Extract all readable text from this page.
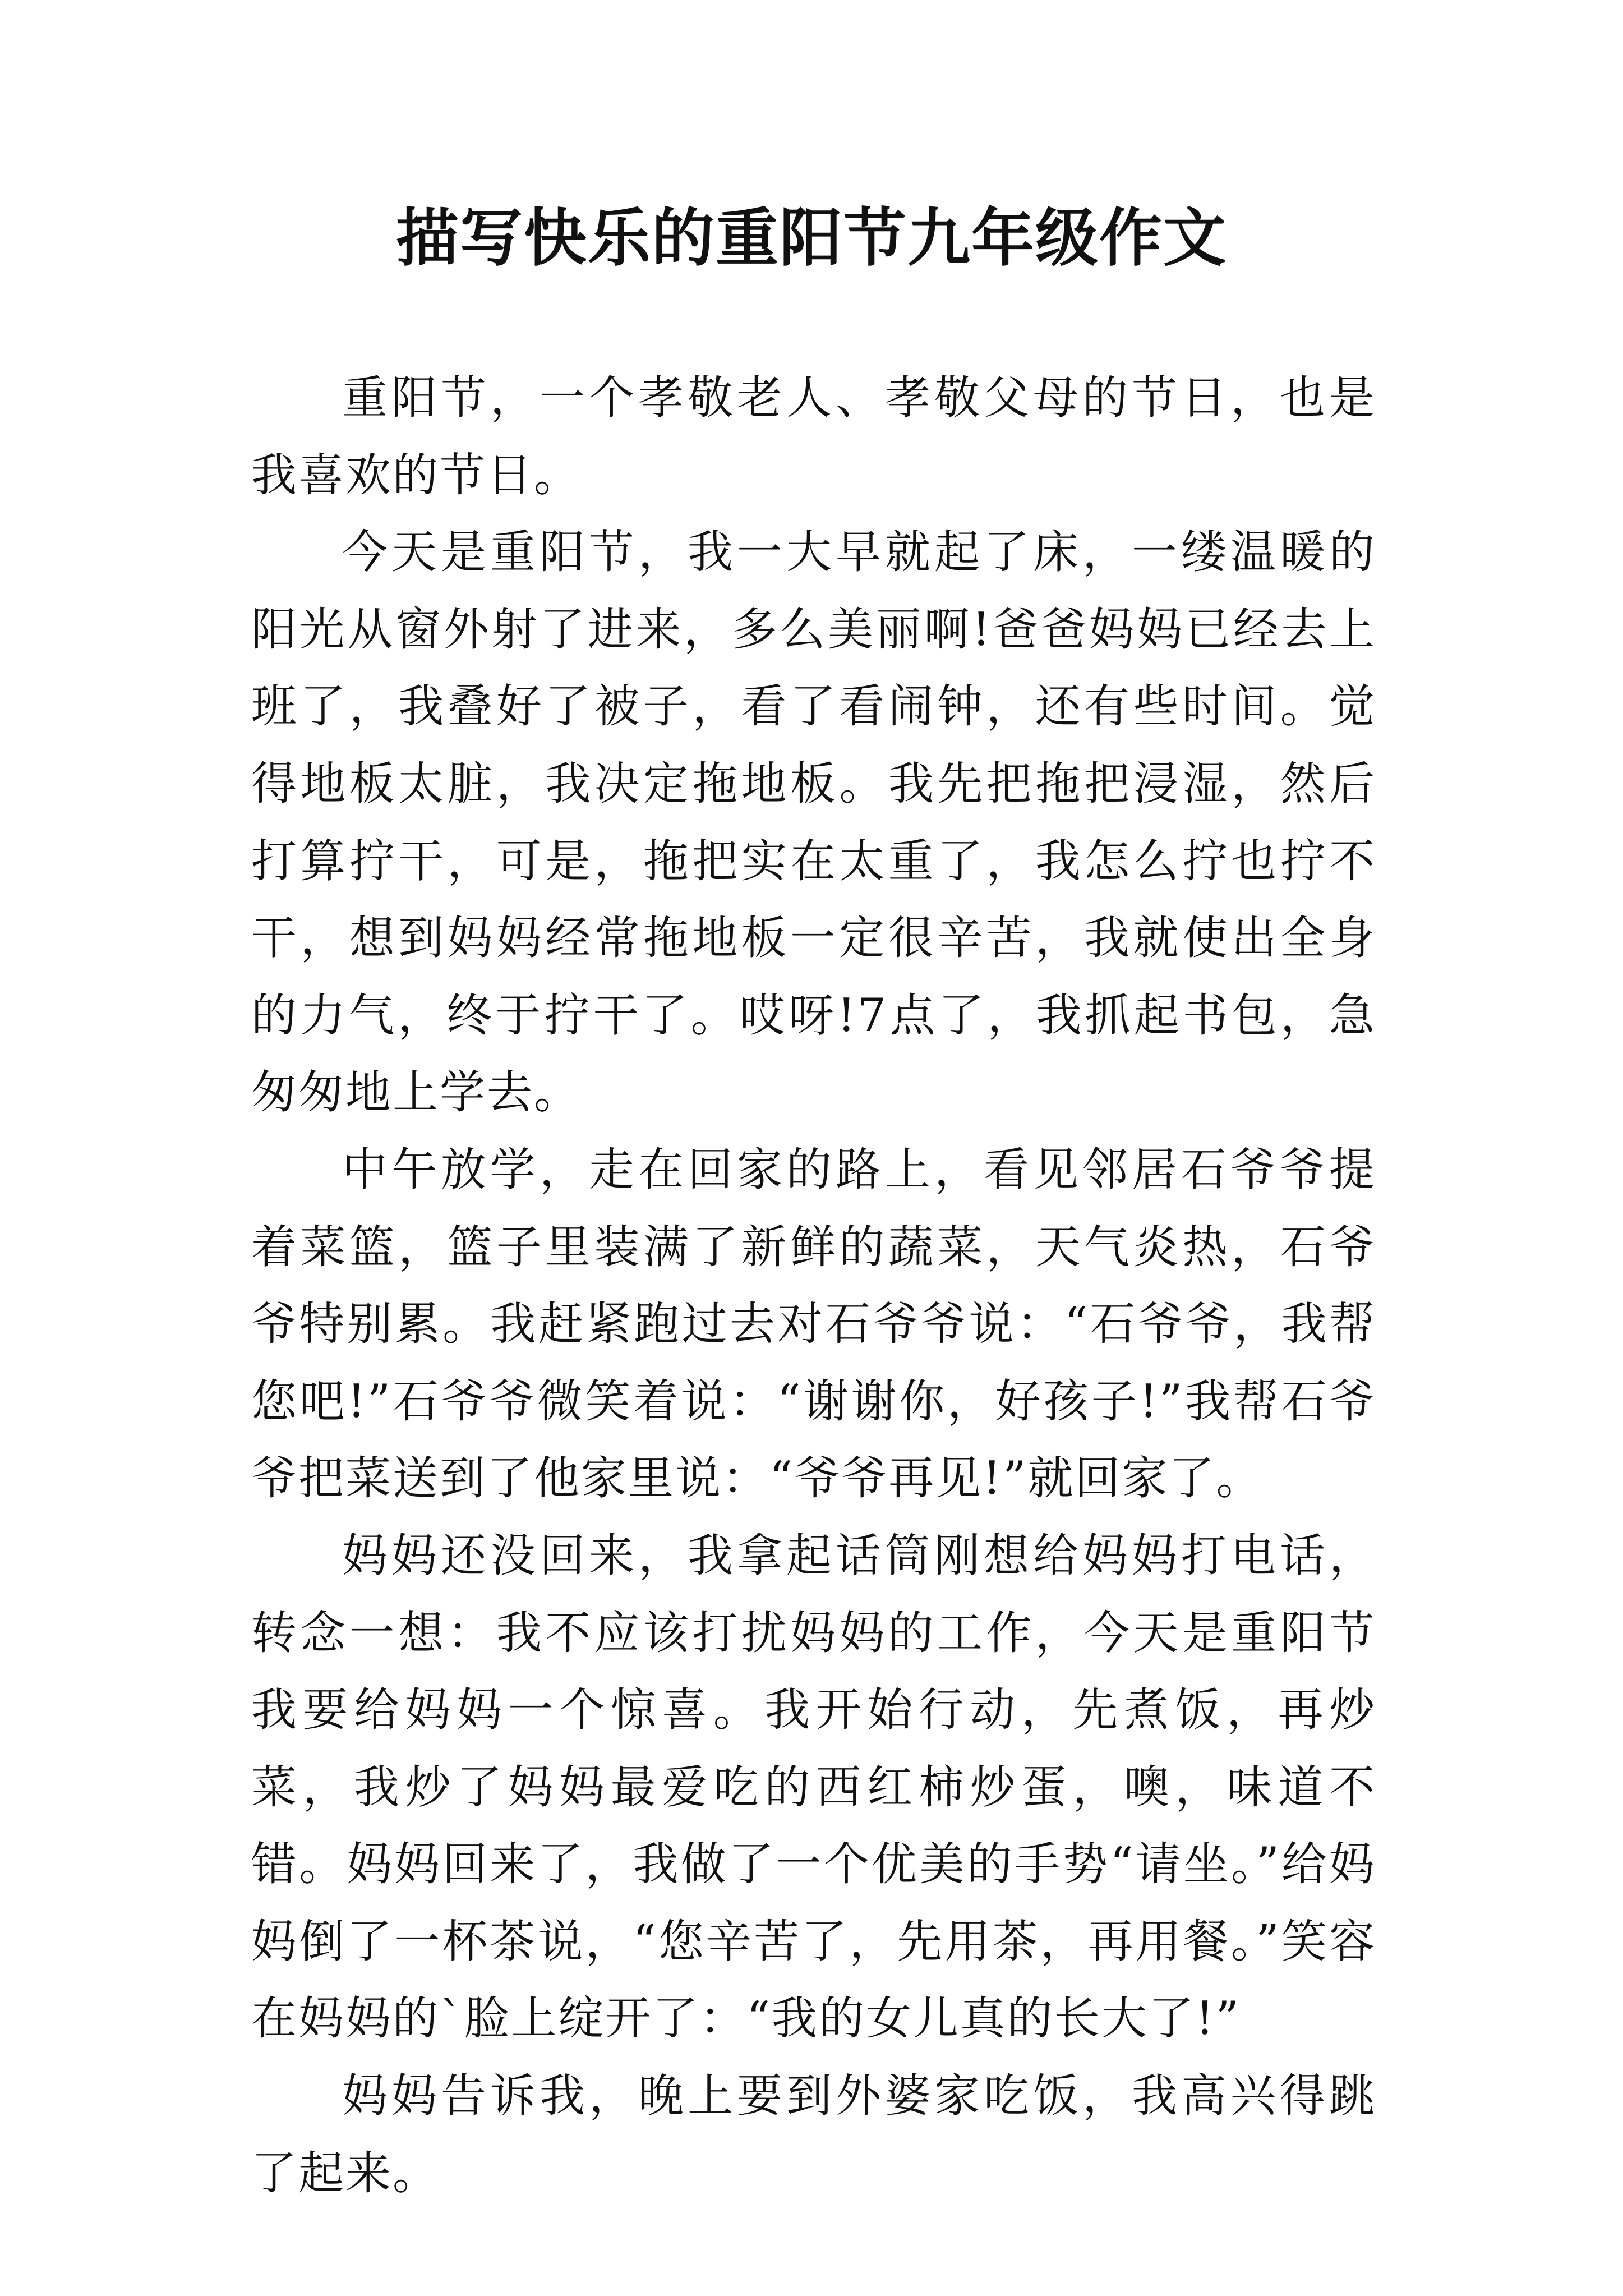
描写快乐的重阳节九年级作文

重阳节，一个孝敬老人、孝敬父母的节日，也是我喜欢的节日。

今天是重阳节，我一大早就起了床，一缕温暖的阳光从窗外射了进来，多么美丽啊!爸爸妈妈已经去上班了，我叠好了被子，看了看闹钟，还有些时间。觉得地板太脏，我决定拖地板。我先把拖把浸湿，然后打算拧干，可是，拖把实在太重了，我怎么拧也拧不干，想到妈妈经常拖地板一定很辛苦，我就使出全身的力气，终于拧干了。哎呀!7点了，我抓起书包，急匆匆地上学去。

中午放学，走在回家的路上，看见邻居石爷爷提着菜篮，篮子里装满了新鲜的蔬菜，天气炎热，石爷爷特别累。我赶紧跑过去对石爷爷说：“石爷爷，我帮您吧!”石爷爷微笑着说：“谢谢你，好孩子!”我帮石爷爷把菜送到了他家里说：“爷爷再见!”就回家了。

妈妈还没回来，我拿起话筒刚想给妈妈打电话，转念一想：我不应该打扰妈妈的工作，今天是重阳节我要给妈妈一个惊喜。我开始行动，先煮饭，再炒菜，我炒了妈妈最爱吃的西红柿炒蛋，噢，味道不错。妈妈回来了，我做了一个优美的手势“请坐。”给妈妈倒了一杯茶说，“您辛苦了，先用茶，再用餐。”笑容在妈妈的`脸上绽开了：“我的女儿真的长大了!”

妈妈告诉我，晚上要到外婆家吃饭，我高兴得跳了起来。
